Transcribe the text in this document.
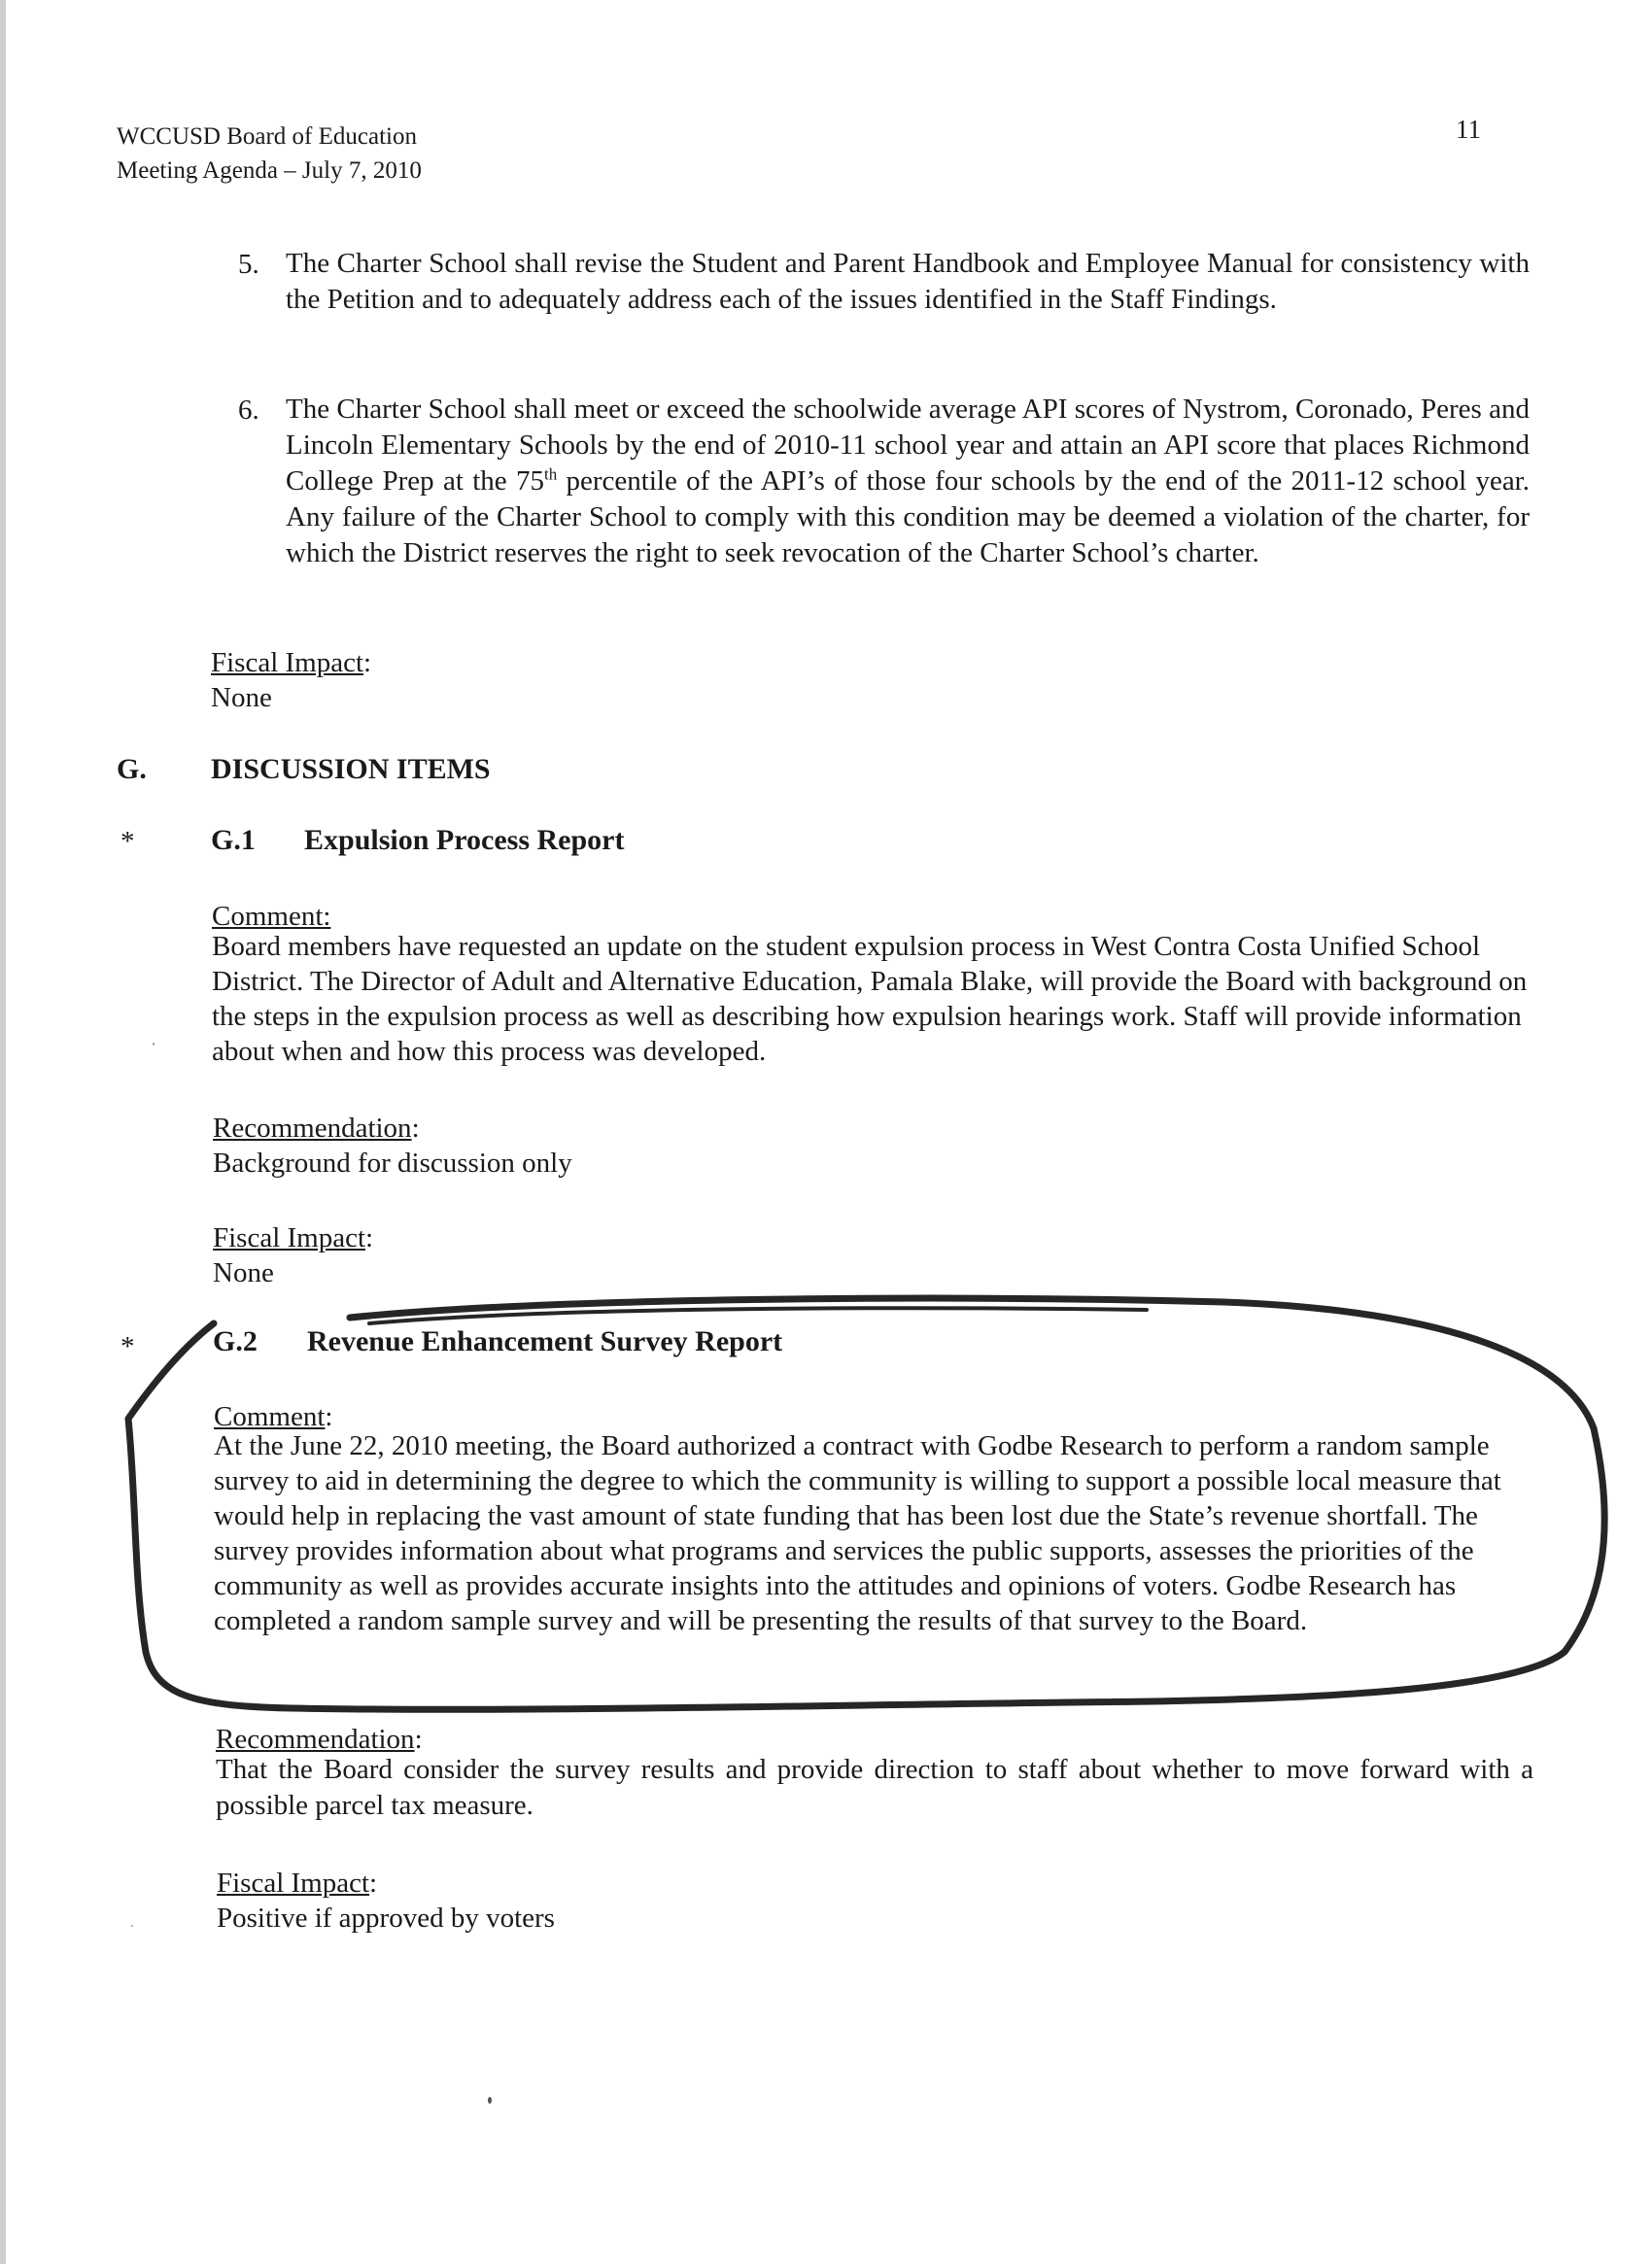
WCCUSD Board of Education
Meeting Agenda – July 7, 2010
11
5. The Charter School shall revise the Student and Parent Handbook and Employee Manual for consistency with the Petition and to adequately address each of the issues identified in the Staff Findings.
6. The Charter School shall meet or exceed the schoolwide average API scores of Nystrom, Coronado, Peres and Lincoln Elementary Schools by the end of 2010-11 school year and attain an API score that places Richmond College Prep at the 75th percentile of the API’s of those four schools by the end of the 2011-12 school year. Any failure of the Charter School to comply with this condition may be deemed a violation of the charter, for which the District reserves the right to seek revocation of the Charter School’s charter.
Fiscal Impact:
None
G. DISCUSSION ITEMS
*	G.1 Expulsion Process Report
Comment:
Board members have requested an update on the student expulsion process in West Contra Costa Unified School District. The Director of Adult and Alternative Education, Pamala Blake, will provide the Board with background on the steps in the expulsion process as well as describing how expulsion hearings work. Staff will provide information about when and how this process was developed.
Recommendation:
Background for discussion only
Fiscal Impact:
None
*	G.2 Revenue Enhancement Survey Report
Comment:
At the June 22, 2010 meeting, the Board authorized a contract with Godbe Research to perform a random sample survey to aid in determining the degree to which the community is willing to support a possible local measure that would help in replacing the vast amount of state funding that has been lost due the State’s revenue shortfall. The survey provides information about what programs and services the public supports, assesses the priorities of the community as well as provides accurate insights into the attitudes and opinions of voters. Godbe Research has completed a random sample survey and will be presenting the results of that survey to the Board.
Recommendation:
That the Board consider the survey results and provide direction to staff about whether to move forward with a possible parcel tax measure.
Fiscal Impact:
Positive if approved by voters
